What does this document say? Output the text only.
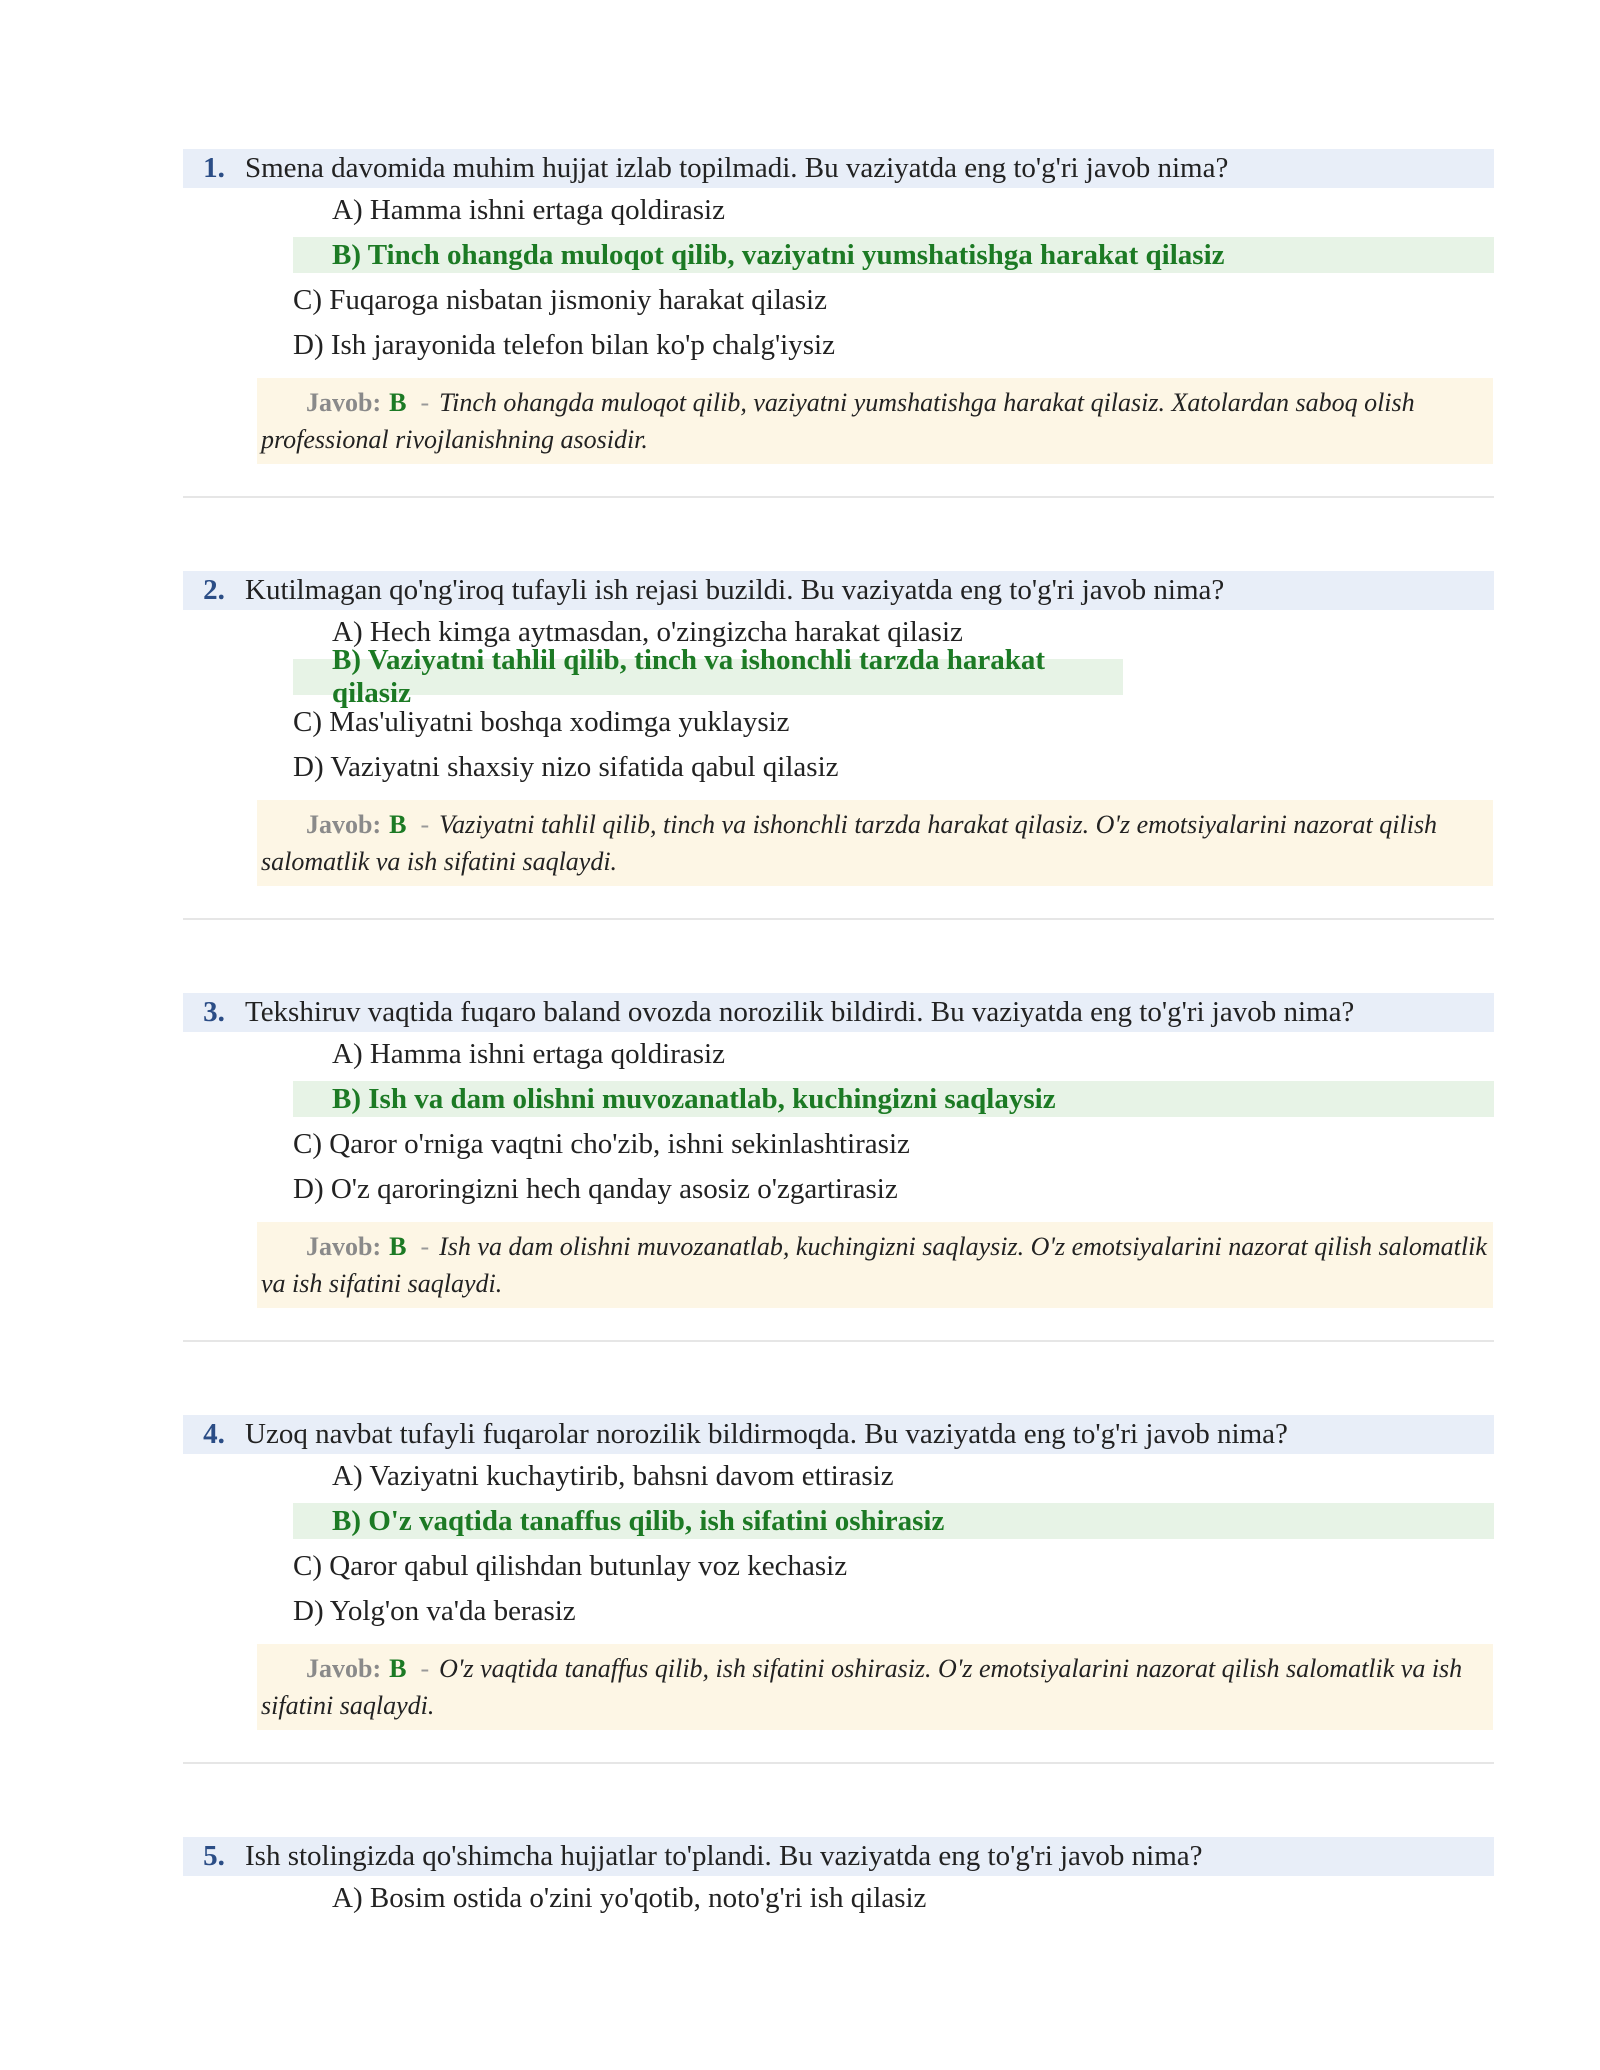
1. Smena davomida muhim hujjat izlab topilmadi. Bu vaziyatda eng to'g'ri javob nima?
A) Hamma ishni ertaga qoldirasiz
B) Tinch ohangda muloqot qilib, vaziyatni yumshatishga harakat qilasiz
C) Fuqaroga nisbatan jismoniy harakat qilasiz
D) Ish jarayonida telefon bilan ko'p chalg'iysiz
Javob: B - Tinch ohangda muloqot qilib, vaziyatni yumshatishga harakat qilasiz. Xatolardan saboq olish professional rivojlanishning asosidir.
2. Kutilmagan qo'ng'iroq tufayli ish rejasi buzildi. Bu vaziyatda eng to'g'ri javob nima?
A) Hech kimga aytmasdan, o'zingizcha harakat qilasiz
B) Vaziyatni tahlil qilib, tinch va ishonchli tarzda harakat qilasiz
C) Mas'uliyatni boshqa xodimga yuklaysiz
D) Vaziyatni shaxsiy nizo sifatida qabul qilasiz
Javob: B - Vaziyatni tahlil qilib, tinch va ishonchli tarzda harakat qilasiz. O'z emotsiyalarini nazorat qilish salomatlik va ish sifatini saqlaydi.
3. Tekshiruv vaqtida fuqaro baland ovozda norozilik bildirdi. Bu vaziyatda eng to'g'ri javob nima?
A) Hamma ishni ertaga qoldirasiz
B) Ish va dam olishni muvozanatlab, kuchingizni saqlaysiz
C) Qaror o'rniga vaqtni cho'zib, ishni sekinlashtirasiz
D) O'z qaroringizni hech qanday asosiz o'zgartirasiz
Javob: B - Ish va dam olishni muvozanatlab, kuchingizni saqlaysiz. O'z emotsiyalarini nazorat qilish salomatlik va ish sifatini saqlaydi.
4. Uzoq navbat tufayli fuqarolar norozilik bildirmoqda. Bu vaziyatda eng to'g'ri javob nima?
A) Vaziyatni kuchaytirib, bahsni davom ettirasiz
B) O'z vaqtida tanaffus qilib, ish sifatini oshirasiz
C) Qaror qabul qilishdan butunlay voz kechasiz
D) Yolg'on va'da berasiz
Javob: B - O'z vaqtida tanaffus qilib, ish sifatini oshirasiz. O'z emotsiyalarini nazorat qilish salomatlik va ish sifatini saqlaydi.
5. Ish stolingizda qo'shimcha hujjatlar to'plandi. Bu vaziyatda eng to'g'ri javob nima?
A) Bosim ostida o'zini yo'qotib, noto'g'ri ish qilasiz
